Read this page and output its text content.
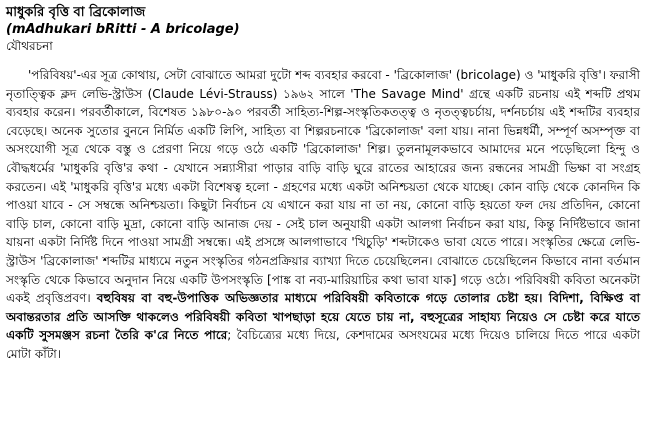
মাধুকরি বৃত্তি বা ব্রিকোলাজ
(mAdhukari bRitti - A bricolage)
যৌথরচনা

'পরিবিষয়'-এর সূত্র কোথায়, সেটা বোঝাতে আমরা দুটো শব্দ ব্যবহার করবো - 'ব্রিকোলাজ' (bricolage) ও 'মাধুকরি বৃত্তি'। ফরাসী নৃতাত্ত্বিক ক্লদ লেভি-স্ট্রাউস (Claude Lévi-Strauss) ১৯৬২ সালে 'The Savage Mind' গ্রন্থে একটি রচনায় এই শব্দটি প্রথম ব্যবহার করেন। পরবর্তীকালে, বিশেষত ১৯৮০-৯০ পরবর্তী সাহিত্য-শিল্প-সংস্কৃতিকতত্ত্ব ও নৃতত্ত্বচর্চায়, দর্শনচর্চায় এই শব্দটির ব্যবহার বেড়েছে। অনেক সুতোর বুননে নির্মিত একটি লিপি, সাহিত্য বা শিল্পরচনাকে 'ব্রিকোলাজ' বলা যায়। নানা ভিন্নধর্মী, সম্পূর্ণ অসম্পৃক্ত বা অসংযোগী সূত্র থেকে বস্তু ও প্রেরণা নিয়ে গড়ে ওঠে একটি 'ব্রিকোলাজ' শিল্প। তুলনামূলকভাবে আমাদের মনে পড়েছিলো হিন্দু ও বৌদ্ধধর্মের 'মাধুকরি বৃত্তি'র কথা - যেখানে সন্ন্যাসীরা পাড়ার বাড়ি বাড়ি ঘুরে রাতের আহারের জন্য রন্ধনের সামগ্রী ভিক্ষা বা সংগ্রহ করতেন। এই 'মাধুকরি বৃত্তি'র মধ্যে একটা বিশেষত্ব হলো - গ্রহণের মধ্যে একটা অনিশ্চয়তা থেকে যাচ্ছে। কোন বাড়ি থেকে কোনদিন কি পাওয়া যাবে - সে সম্বন্ধে অনিশ্চয়তা। কিছুটা নির্বাচন যে এখানে করা যায় না তা নয়, কোনো বাড়ি হয়তো ফল দেয় প্রতিদিন, কোনো বাড়ি চাল, কোনো বাড়ি মুদ্রা, কোনো বাড়ি আনাজ দেয় - সেই চাল অনুযায়ী একটা আলগা নির্বাচন করা যায়, কিন্তু নির্দিষ্টভাবে জানা যায়না একটা নির্দিষ্ট দিনে পাওয়া সামগ্রী সম্বন্ধে। এই প্রসঙ্গে আলগাভাবে 'খিচুড়ি' শব্দটাকেও ভাবা যেতে পারে। সংস্কৃতির ক্ষেত্রে লেভি-স্ট্রাউস 'ব্রিকোলাজ' শব্দটির মাধ্যমে নতুন সংস্কৃতির গঠনপ্রক্রিয়ার ব্যাখ্যা দিতে চেয়েছিলেন। বোঝাতে চেয়েছিলেন কিভাবে নানা বর্তমান সংস্কৃতি থেকে কিভাবে অনুদান নিয়ে একটি উপসংস্কৃতি [পাঙ্ক বা নব্য-মারিয়াচির কথা ভাবা যাক] গড়ে ওঠে। পরিবিষয়ী কবিতা অনেকটা একই প্রবৃত্তিপ্রবণ। বহুবিষয় বা বহু-উপাত্তিক অভিজ্ঞতার মাধ্যমে পরিবিষয়ী কবিতাকে গড়ে তোলার চেষ্টা হয়। বিদিশা, বিক্ষিপ্ত বা অবান্তরতার প্রতি আসক্তি থাকলেও পরিবিষয়ী কবিতা খাপছাড়া হয়ে যেতে চায় না, বহুসূত্রের সাহায্য নিয়েও সে চেষ্টা করে যাতে একটি সুসমঞ্জস রচনা তৈরি ক'রে নিতে পারে; বৈচিত্র্যের মধ্যে দিয়ে, কেশদামের অসংযমের মধ্যে দিয়েও চালিয়ে দিতে পারে একটা মোটা কাঁটা।
